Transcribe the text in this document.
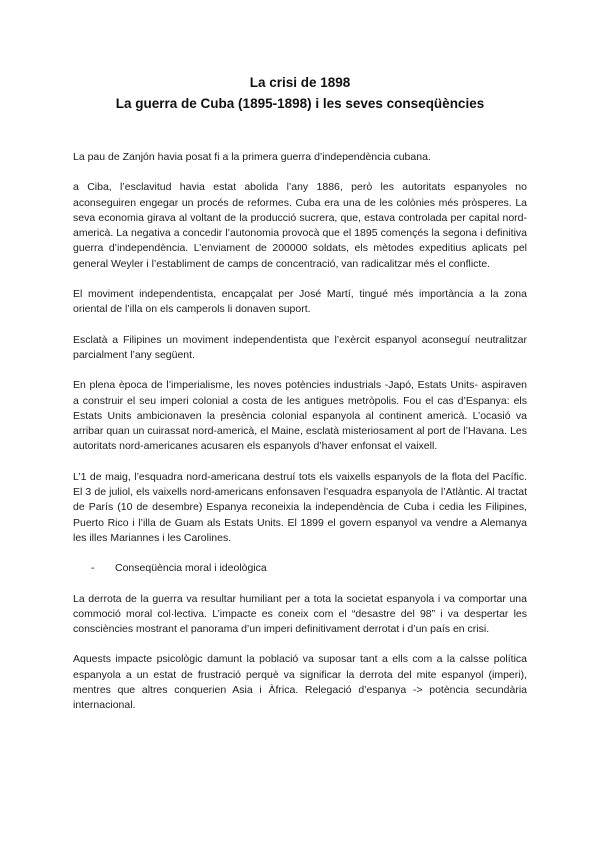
La crisi de 1898

La guerra de Cuba (1895-1898) i les seves conseqüències

La pau de Zanjón havia posat fi a la primera guerra d’independència cubana.

a Ciba, l’esclavitud havia estat abolida l’any 1886, però les autoritats espanyoles no aconseguiren engegar un procés de reformes. Cuba era una de les colònies més pròsperes. La seva economia girava al voltant de la producció sucrera, que, estava controlada per capital nord-americà. La negativa a concedir l’autonomia provocà que el 1895 començés la segona i definitiva guerra d’independència. L’enviament de 200000 soldats, els mètodes expeditius aplicats pel general Weyler i l’establiment de camps de concentració, van radicalitzar més el conflicte.

El moviment independentista, encapçalat per José Martí, tingué més importància a la zona oriental de l’illa on els camperols li donaven suport.

Esclatà a Filipines un moviment independentista que l’exèrcit espanyol aconseguí neutralitzar parcialment l’any següent.

En plena època de l’imperialisme, les noves potències industrials -Japó, Estats Units- aspiraven a construir el seu imperi colonial a costa de les antigues metròpolis. Fou el cas d’Espanya: els Estats Units ambicionaven la presència colonial espanyola al continent americà. L’ocasió va arribar quan un cuirassat nord-americà, el Maine, esclatà misteriosament al port de l’Havana. Les autoritats nord-americanes acusaren els espanyols d’haver enfonsat el vaixell.

L’1 de maig, l’esquadra nord-americana destruí tots els vaixells espanyols de la flota del Pacífic. El 3 de juliol, els vaixells nord-americans enfonsaven l’esquadra espanyola de l’Atlàntic. Al tractat de París (10 de desembre) Espanya reconeixia la independència de Cuba i cedia les Filipines, Puerto Rico i l’illa de Guam als Estats Units. El 1899 el govern espanyol va vendre a Alemanya les illes Mariannes i les Carolines.

-	Conseqüència moral i ideològica

La derrota de la guerra va resultar humiliant per a tota la societat espanyola i va comportar una commoció moral col·lectiva. L’impacte es coneix com el “desastre del 98” i va despertar les consciències mostrant el panorama d’un imperi definitivament derrotat i d’un país en crisi.

Aquests impacte psicològic damunt la població va suposar tant a ells com a la calsse política espanyola a un estat de frustració perquè va significar la derrota del mite espanyol (imperi), mentres que altres conquerien Asia i Àfrica. Relegació d’espanya -> potència secundària internacional.
